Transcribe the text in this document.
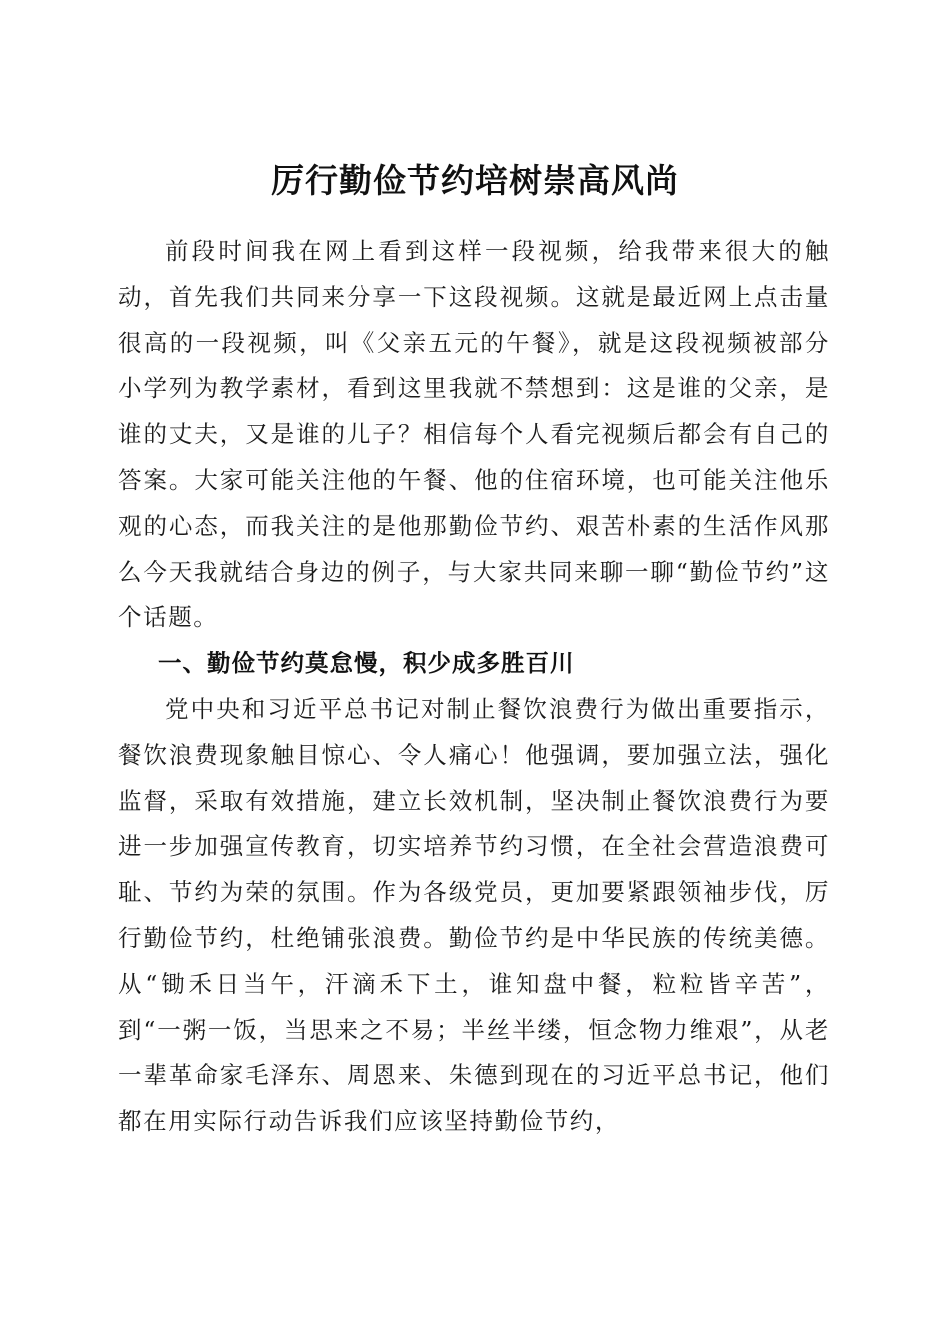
厉行勤俭节约培树崇高风尚

前段时间我在网上看到这样一段视频，给我带来很大的触动，首先我们共同来分享一下这段视频。这就是最近网上点击量很高的一段视频，叫《父亲五元的午餐》，就是这段视频被部分小学列为教学素材，看到这里我就不禁想到：这是谁的父亲，是谁的丈夫，又是谁的儿子？相信每个人看完视频后都会有自己的答案。大家可能关注他的午餐、他的住宿环境，也可能关注他乐观的心态，而我关注的是他那勤俭节约、艰苦朴素的生活作风那么今天我就结合身边的例子，与大家共同来聊一聊“勤俭节约”这个话题。

一、勤俭节约莫怠慢，积少成多胜百川

党中央和习近平总书记对制止餐饮浪费行为做出重要指示，餐饮浪费现象触目惊心、令人痛心！他强调，要加强立法，强化监督，采取有效措施，建立长效机制，坚决制止餐饮浪费行为要进一步加强宣传教育，切实培养节约习惯，在全社会营造浪费可耻、节约为荣的氛围。作为各级党员，更加要紧跟领袖步伐，厉行勤俭节约，杜绝铺张浪费。勤俭节约是中华民族的传统美德。从“锄禾日当午，汗滴禾下土，谁知盘中餐，粒粒皆辛苦”，到“一粥一饭，当思来之不易；半丝半缕，恒念物力维艰”，从老一辈革命家毛泽东、周恩来、朱德到现在的习近平总书记，他们都在用实际行动告诉我们应该坚持勤俭节约，
